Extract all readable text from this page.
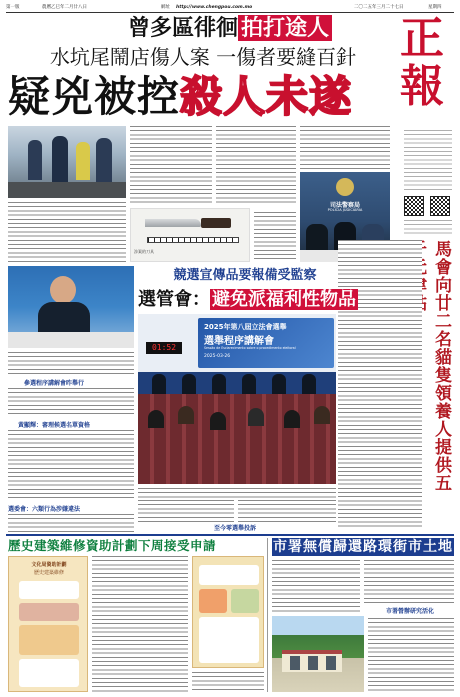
第一版	農曆乙巳年二月廿八日	網址 http://www.chengpou.com.mo	二〇二五年三月二十七日	星期四
曾多區徘徊 拍打途人
水坑尾鬧店傷人案 一傷者要縫百針
疑兇被控殺人未遂
正
報
涉案的刀具
司法警察局
POLÍCIA JUDICIÁRIA
馬會向廿二名貓隻領養人提供五
競選宣傳品要報備受監察
選管會： 避免派福利性物品
參選程序講解會昨舉行
黃顯輝：審理候選名單資格
選委會：六類行為涉嫌違法
2025年第八屆立法會選舉
選舉程序講解會
Sessão de Esclarecimento sobre o procedimento eleitoral
2025-03-26
01:52
至今零選舉投訴
歷史建築維修資助計劃下周接受申請
文化局資助計劃
歷史建築維修
市署無償歸還路環街市土地
市署營辦研究活化
